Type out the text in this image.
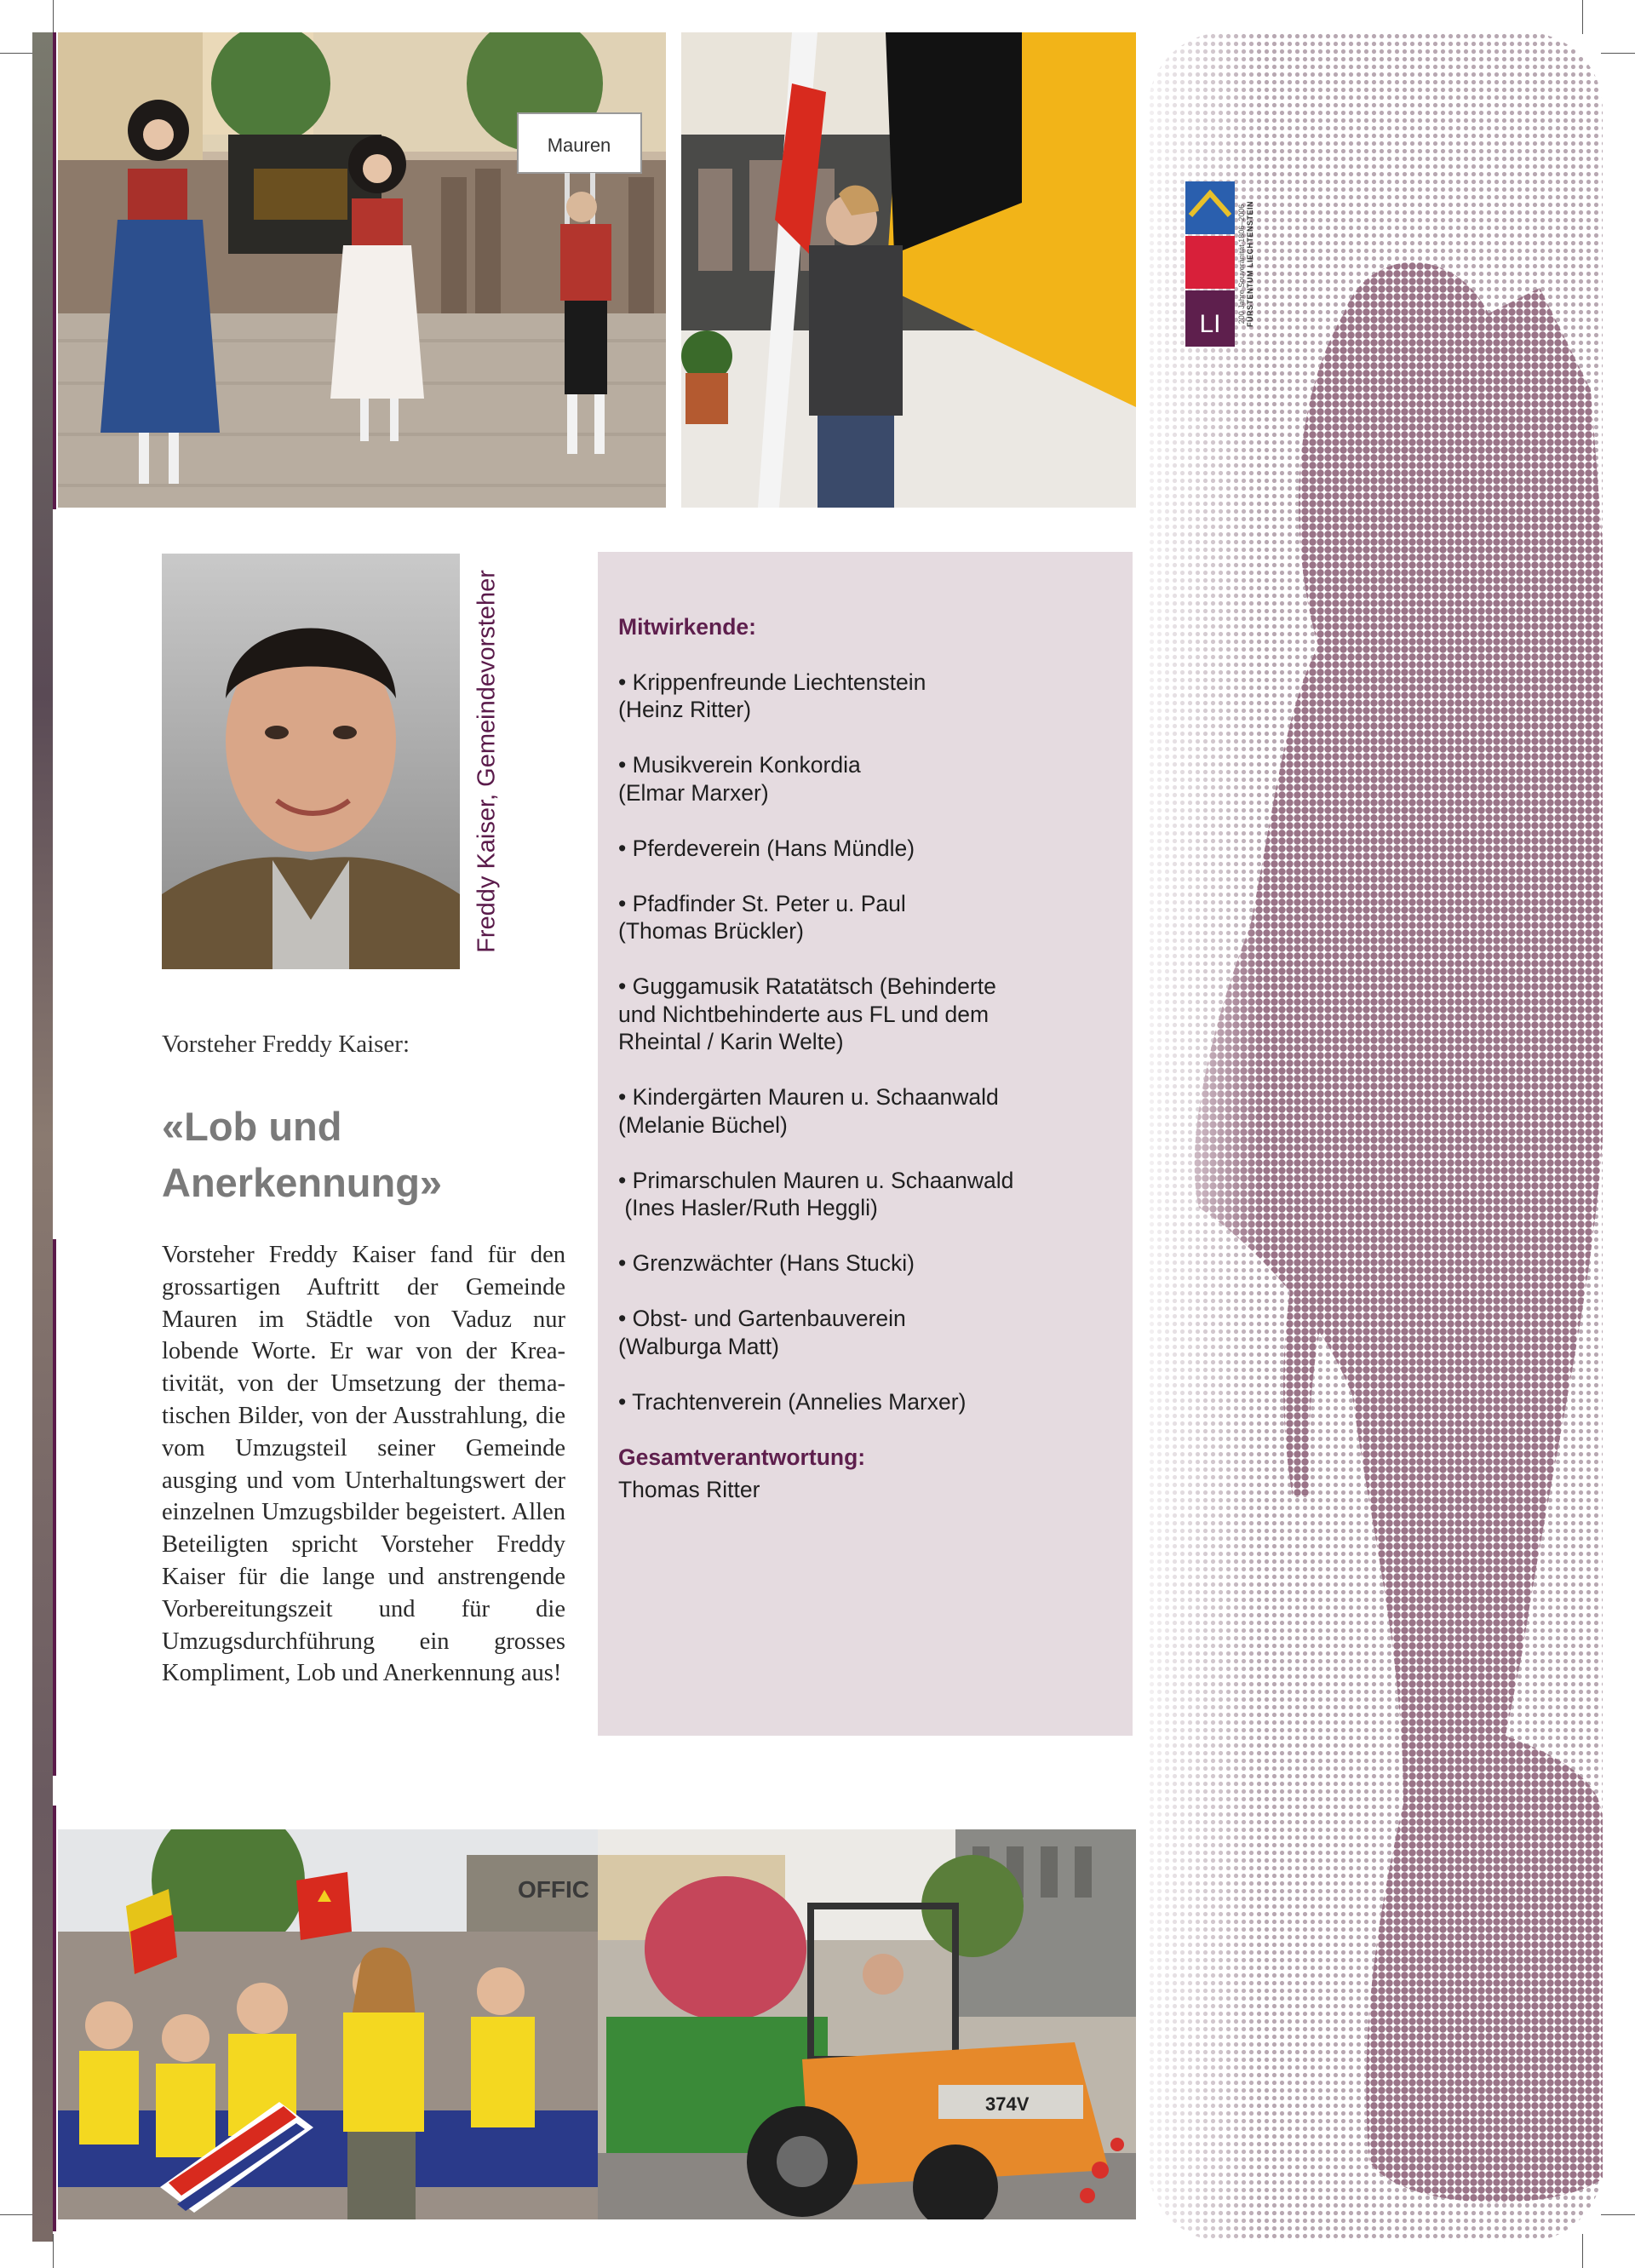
LI	FÜRSTENTUM LIECHTENSTEIN
200 Jahre Souveränität 1806–2006
Mauren
Freddy Kaiser, Gemeindevorsteher
Vorsteher Freddy Kaiser:
«Lob und
Anerkennung»
Vorsteher Freddy Kaiser fand für den grossartigen Auftritt der Gemeinde Mauren im Städtle von Vaduz nur lobende Worte. Er war von der Kreativität, von der Umsetzung der thematischen Bilder, von der Ausstrahlung, die vom Umzugsteil seiner Gemeinde ausging und vom Unterhaltungswert der einzelnen Umzugsbilder begeistert. Allen Beteiligten spricht Vorsteher Freddy Kaiser für die lange und anstrengende Vorbereitungszeit und für die Umzugsdurchführung ein grosses Kompliment, Lob und Anerkennung aus!
Mitwirkende:
• Krippenfreunde Liechtenstein
(Heinz Ritter)
• Musikverein Konkordia
(Elmar Marxer)
• Pferdeverein (Hans Mündle)
• Pfadfinder St. Peter u. Paul
(Thomas Brückler)
• Guggamusik Ratatätsch (Behinderte
und Nichtbehinderte aus FL und dem
Rheintal / Karin Welte)
• Kindergärten Mauren u. Schaanwald
(Melanie Büchel)
• Primarschulen Mauren u. Schaanwald
(Ines Hasler/Ruth Heggli)
• Grenzwächter (Hans Stucki)
• Obst- und Gartenbauverein
(Walburga Matt)
• Trachtenverein (Annelies Marxer)
Gesamtverantwortung:
Thomas Ritter
OFFIC
374V
